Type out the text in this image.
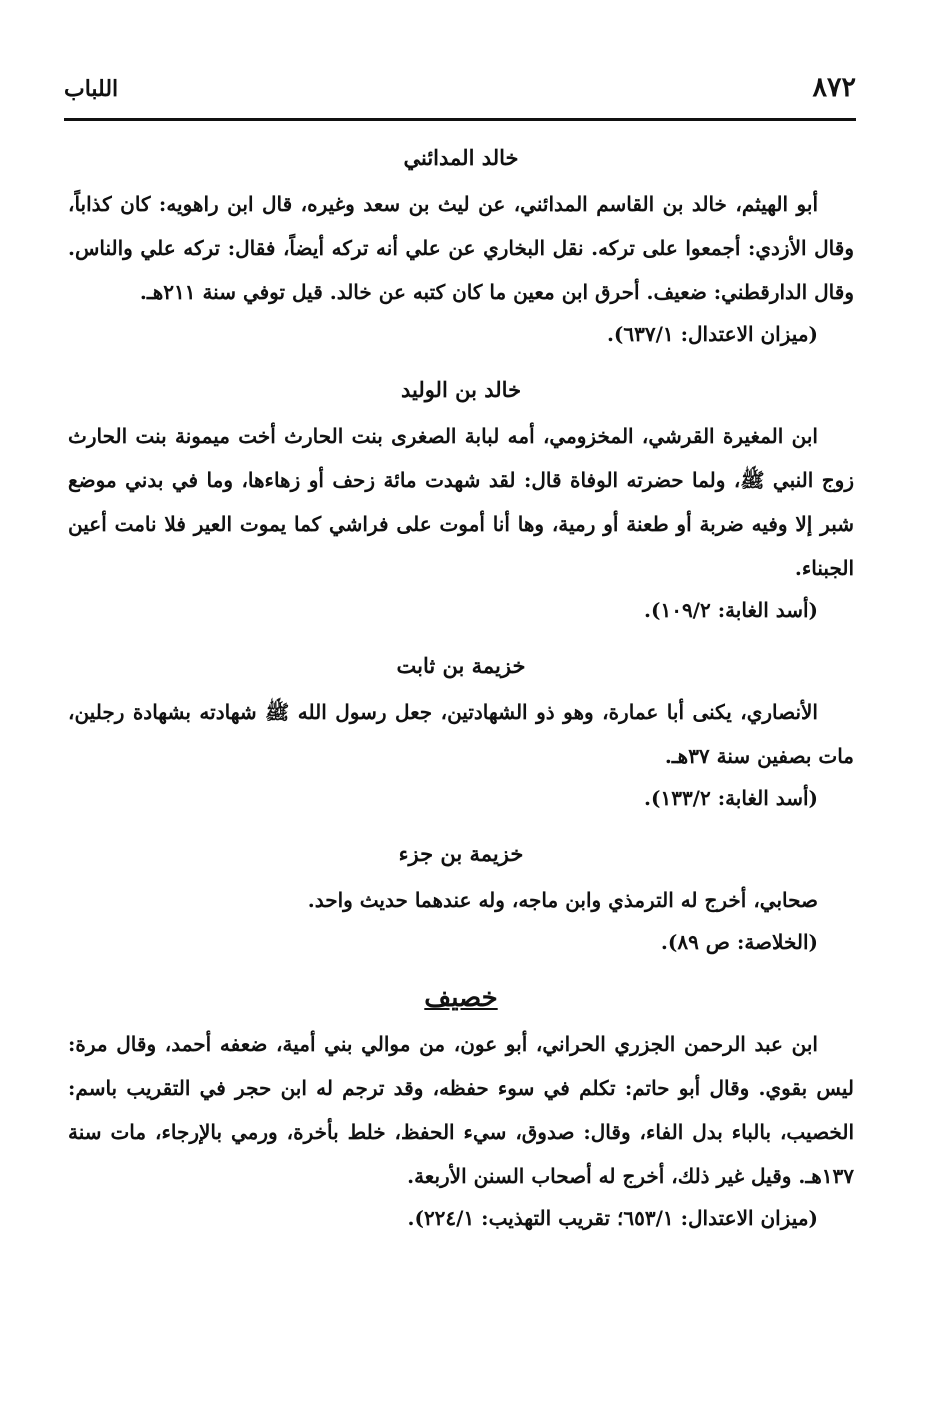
٨٧٢
اللباب
خالد المدائني

أبو الهيثم، خالد بن القاسم المدائني، عن ليث بن سعد وغيره، قال ابن راهويه: كان كذاباً، وقال الأزدي: أجمعوا على تركه. نقل البخاري عن علي أنه تركه أيضاً، فقال: تركه علي والناس. وقال الدارقطني: ضعيف. أحرق ابن معين ما كان كتبه عن خالد. قيل توفي سنة ٢١١هـ.

(ميزان الاعتدال: ٦٣٧/١).

خالد بن الوليد

ابن المغيرة القرشي، المخزومي، أمه لبابة الصغرى بنت الحارث أخت ميمونة بنت الحارث زوج النبي ﷺ، ولما حضرته الوفاة قال: لقد شهدت مائة زحف أو زهاءها، وما في بدني موضع شبر إلا وفيه ضربة أو طعنة أو رمية، وها أنا أموت على فراشي كما يموت العير فلا نامت أعين الجبناء.

(أسد الغابة: ١٠٩/٢).

خزيمة بن ثابت

الأنصاري، يكنى أبا عمارة، وهو ذو الشهادتين، جعل رسول الله ﷺ شهادته بشهادة رجلين، مات بصفين سنة ٣٧هـ.

(أسد الغابة: ١٣٣/٢).

خزيمة بن جزء

صحابي، أخرج له الترمذي وابن ماجه، وله عندهما حديث واحد.

(الخلاصة: ص ٨٩).

خصيف

ابن عبد الرحمن الجزري الحراني، أبو عون، من موالي بني أمية، ضعفه أحمد، وقال مرة: ليس بقوي. وقال أبو حاتم: تكلم في سوء حفظه، وقد ترجم له ابن حجر في التقريب باسم: الخصيب، بالباء بدل الفاء، وقال: صدوق، سيء الحفظ، خلط بأخرة، ورمي بالإرجاء، مات سنة ١٣٧هـ. وقيل غير ذلك، أخرج له أصحاب السنن الأربعة.

(ميزان الاعتدال: ٦٥٣/١؛ تقريب التهذيب: ٢٢٤/١).
